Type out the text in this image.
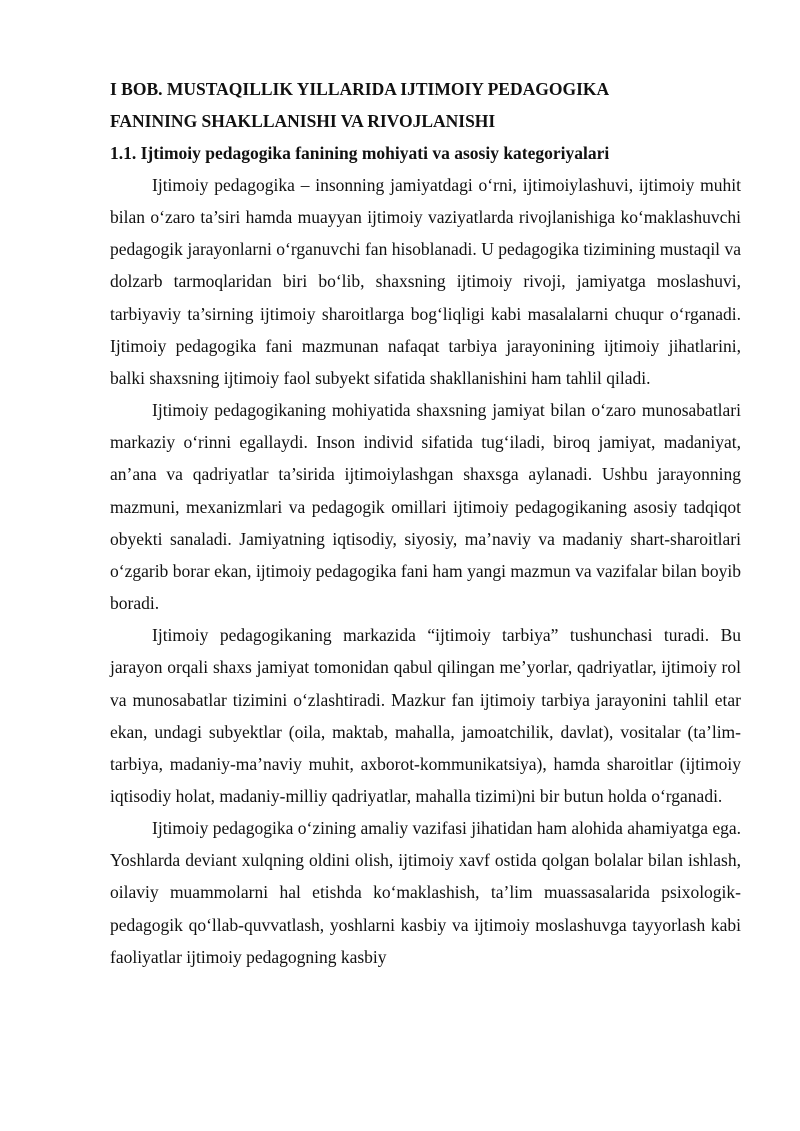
I BOB. MUSTAQILLIK YILLARIDA IJTIMOIY PEDAGOGIKA
FANINING SHAKLLANISHI VA RIVOJLANISHI
1.1. Ijtimoiy pedagogika fanining mohiyati va asosiy kategoriyalari

Ijtimoiy pedagogika – insonning jamiyatdagi o‘rni, ijtimoiylashuvi, ijtimoiy muhit bilan o‘zaro ta’siri hamda muayyan ijtimoiy vaziyatlarda rivojlanishiga ko‘maklashuvchi pedagogik jarayonlarni o‘rganuvchi fan hisoblanadi. U pedagogika tizimining mustaqil va dolzarb tarmoqlaridan biri bo‘lib, shaxsning ijtimoiy rivoji, jamiyatga moslashuvi, tarbiyaviy ta’sirning ijtimoiy sharoitlarga bog‘liqligi kabi masalalarni chuqur o‘rganadi. Ijtimoiy pedagogika fani mazmunan nafaqat tarbiya jarayonining ijtimoiy jihatlarini, balki shaxsning ijtimoiy faol subyekt sifatida shakllanishini ham tahlil qiladi.

Ijtimoiy pedagogikaning mohiyatida shaxsning jamiyat bilan o‘zaro munosabatlari markaziy o‘rinni egallaydi. Inson individ sifatida tug‘iladi, biroq jamiyat, madaniyat, an’ana va qadriyatlar ta’sirida ijtimoiylashgan shaxsga aylanadi. Ushbu jarayonning mazmuni, mexanizmlari va pedagogik omillari ijtimoiy pedagogikaning asosiy tadqiqot obyekti sanaladi. Jamiyatning iqtisodiy, siyosiy, ma’naviy va madaniy shart-sharoitlari o‘zgarib borar ekan, ijtimoiy pedagogika fani ham yangi mazmun va vazifalar bilan boyib boradi.

Ijtimoiy pedagogikaning markazida “ijtimoiy tarbiya” tushunchasi turadi. Bu jarayon orqali shaxs jamiyat tomonidan qabul qilingan me’yorlar, qadriyatlar, ijtimoiy rol va munosabatlar tizimini o‘zlashtiradi. Mazkur fan ijtimoiy tarbiya jarayonini tahlil etar ekan, undagi subyektlar (oila, maktab, mahalla, jamoatchilik, davlat), vositalar (ta’lim-tarbiya, madaniy-ma’naviy muhit, axborot-kommunikatsiya), hamda sharoitlar (ijtimoiy iqtisodiy holat, madaniy-milliy qadriyatlar, mahalla tizimi)ni bir butun holda o‘rganadi.

Ijtimoiy pedagogika o‘zining amaliy vazifasi jihatidan ham alohida ahamiyatga ega. Yoshlarda deviant xulqning oldini olish, ijtimoiy xavf ostida qolgan bolalar bilan ishlash, oilaviy muammolarni hal etishda ko‘maklashish, ta’lim muassasalarida psixologik-pedagogik qo‘llab-quvvatlash, yoshlarni kasbiy va ijtimoiy moslashuvga tayyorlash kabi faoliyatlar ijtimoiy pedagogning kasbiy
